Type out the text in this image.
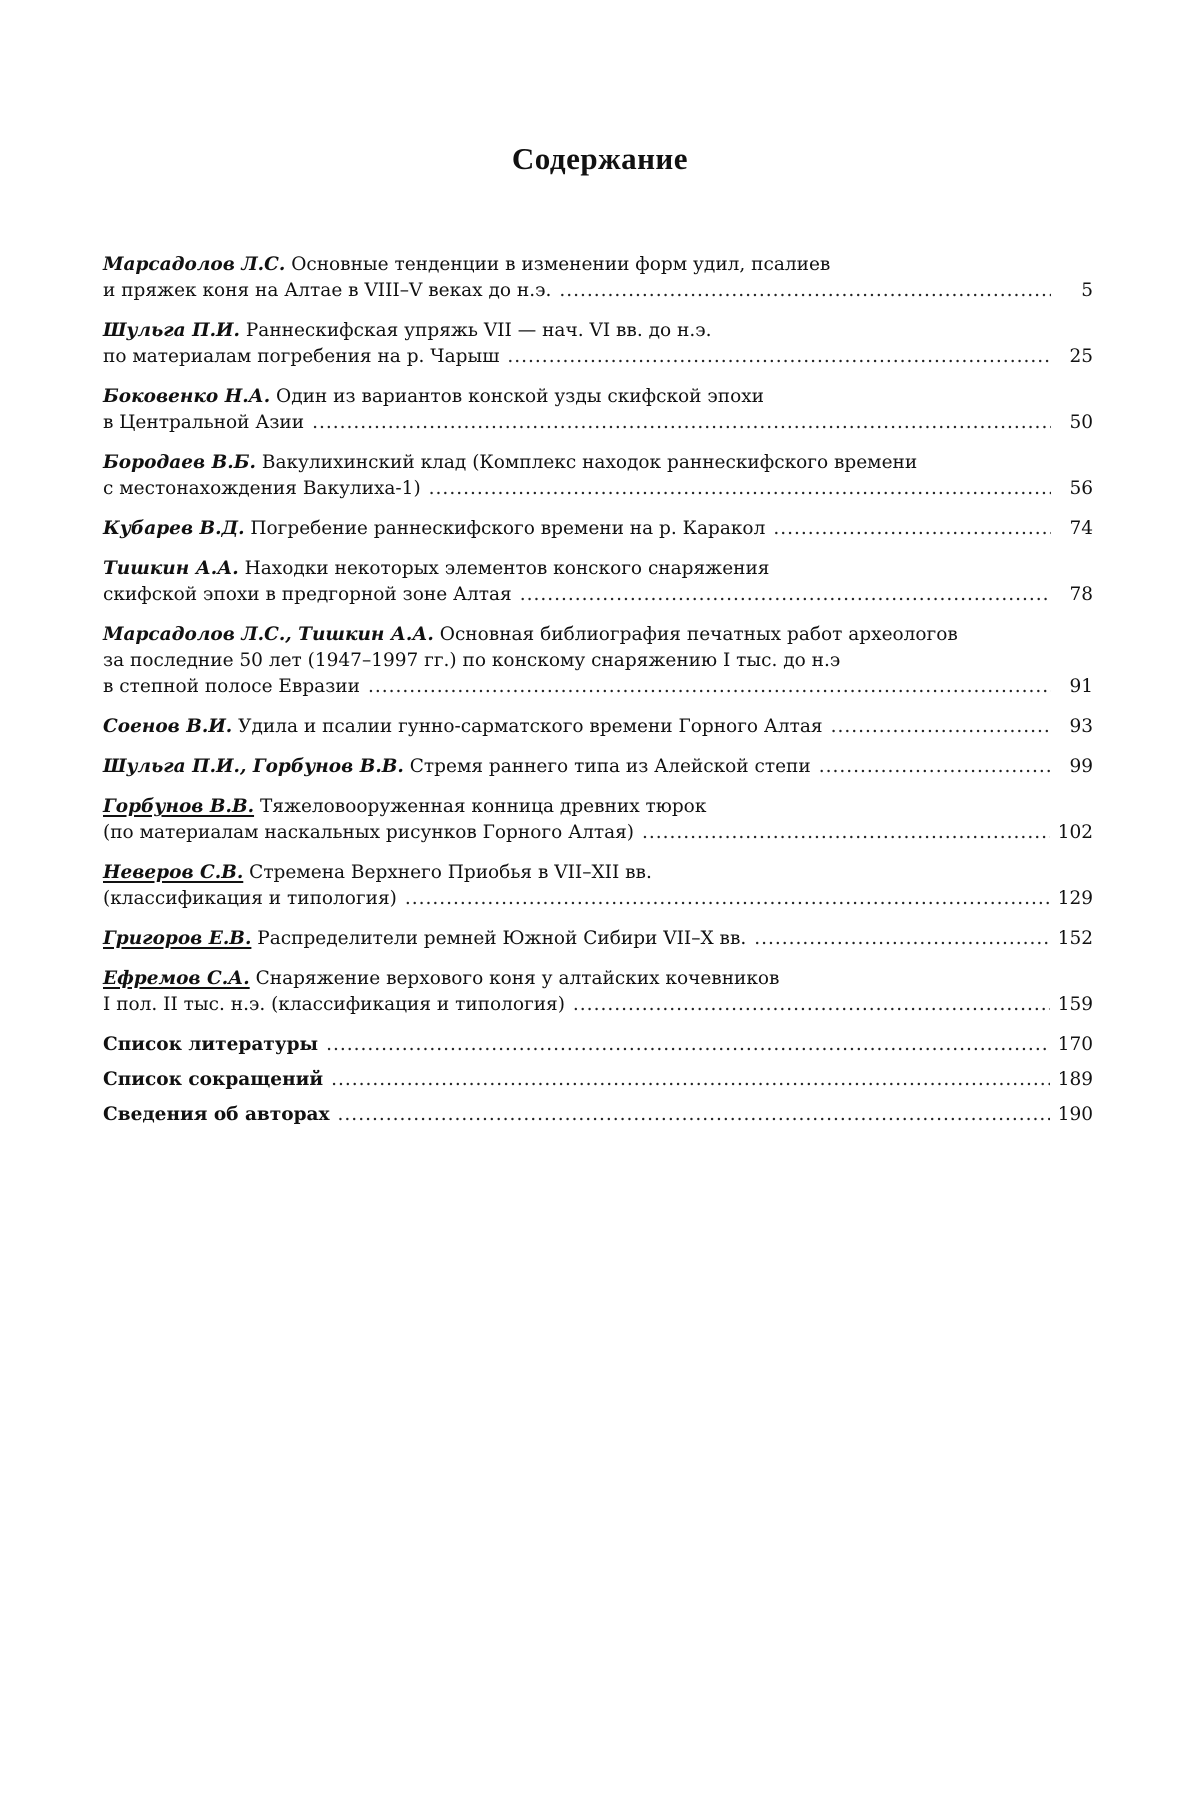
Содержание
Марсадолов Л.С.
Основные тенденции в изменении форм удил, псалиев
и пряжек коня на Алтае в VIII–V веках до н.э. .....	5
Шульга П.И.
Раннескифская упряжь VII — нач. VI вв. до н.э.
по материалам погребения на р. Чарыш .....	25
Боковенко Н.А.
Один из вариантов конской узды скифской эпохи
в Центральной Азии .....	50
Бородаев В.Б.
Вакулихинский клад (Комплекс находок раннескифского времени
с местонахождения Вакулиха-1) .....	56
Кубарев В.Д.
Погребение раннескифского времени на р. Каракол .....	74
Тишкин А.А.
Находки некоторых элементов конского снаряжения
скифской эпохи в предгорной зоне Алтая .....	78
Марсадолов Л.С., Тишкин А.А.
Основная библиография печатных работ археологов
за последние 50 лет (1947–1997 гг.) по конскому снаряжению I тыс. до н.э
в степной полосе Евразии .....	91
Соенов В.И.
Удила и псалии гунно-сарматского времени Горного Алтая .....	93
Шульга П.И., Горбунов В.В.
Стремя раннего типа из Алейской степи .....	99
Горбунов В.В.
Тяжеловооруженная конница древних тюрок
(по материалам наскальных рисунков Горного Алтая) .....	102
Неверов С.В.
Стремена Верхнего Приобья в VII–XII вв.
(классификация и типология) .....	129
Григоров Е.В.
Распределители ремней Южной Сибири VII–X вв. .....	152
Ефремов С.А.
Снаряжение верхового коня у алтайских кочевников
I пол. II тыс. н.э. (классификация и типология) .....	159
Список литературы .....	170
Список сокращений .....	189
Сведения об авторах .....	190
